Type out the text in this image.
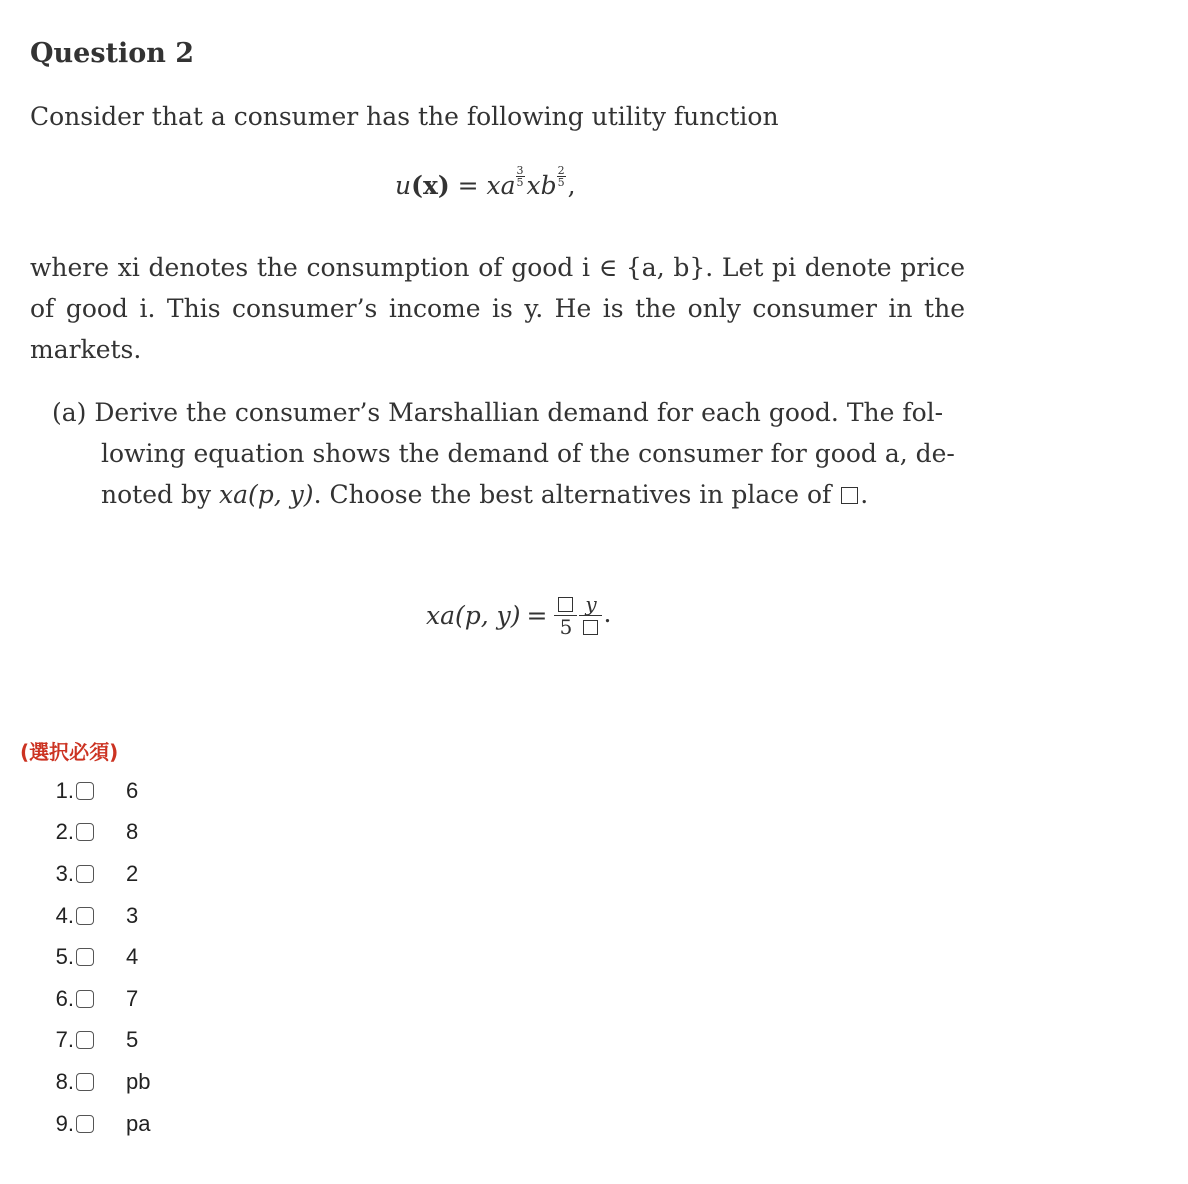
Question 2
Consider that a consumer has the following utility function
u(x) = xa $\frac{3}{5}$ xb $\frac{2}{5}$ ,
where xi denotes the consumption of good i ∈ {a, b}. Let pi denote price
of good i. This consumer’s income is y. He is the only consumer in the
markets.
(a) Derive the consumer’s Marshallian demand for each good. The fol-
lowing equation shows the demand of the consumer for good a, de-
noted by xa(p, y). Choose the best alternatives in place of .
xa(p, y) = 5
y .
(選択必須)
1. 6
2. 8
3. 2
4. 3
5. 4
6. 7
7. 5
8. pb
9. pa
